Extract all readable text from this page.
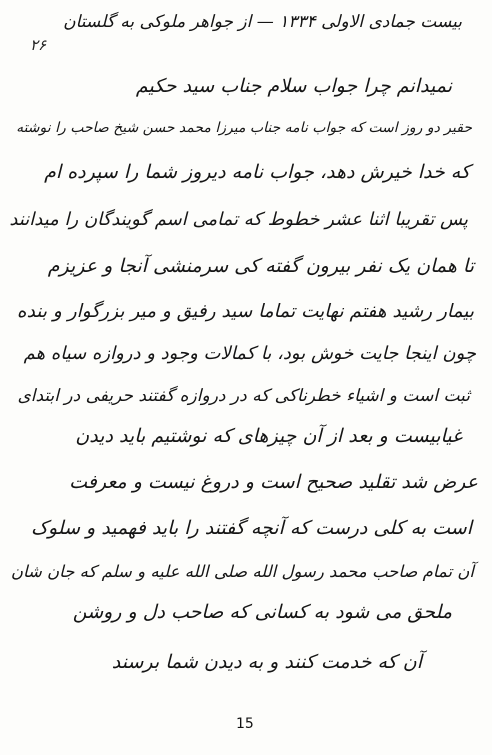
۲۶
بیست جمادی الاولی ۱۳۳۴ — از جواهر ملوکی به گلستان
نمیدانم چرا جواب سلام جناب سید حکیم
حقیر دو روز است که جواب نامه جناب میرزا محمد حسن شیخ صاحب را نوشته
که خدا خیرش دهد، جواب نامه دیروز شما را سپرده ام
پس تقریبا اثنا عشر خطوط که تمامی اسم گویندگان را میدانند
تا همان یک نفر بیرون گفته کی سرمنشی آنجا و عزیزم
بیمار رشید هفتم نهایت تماما سید رفیق و میر بزرگوار و بنده
چون اینجا جایت خوش بود، با کمالات وجود و دروازه سیاه هم
ثبت است و اشیاء خطرناکی که در دروازه گفتند حریفی در ابتدای
غیابیست و بعد از آن چیزهای که نوشتیم باید دیدن
عرض شد تقلید صحیح است و دروغ نیست و معرفت
است به کلی درست که آنچه گفتند را باید فهمید و سلوک
آن تمام صاحب محمد رسول الله صلی الله علیه و سلم که جان شان
ملحق می شود به کسانی که صاحب دل و روشن
آن که خدمت کنند و به دیدن شما برسند
15
